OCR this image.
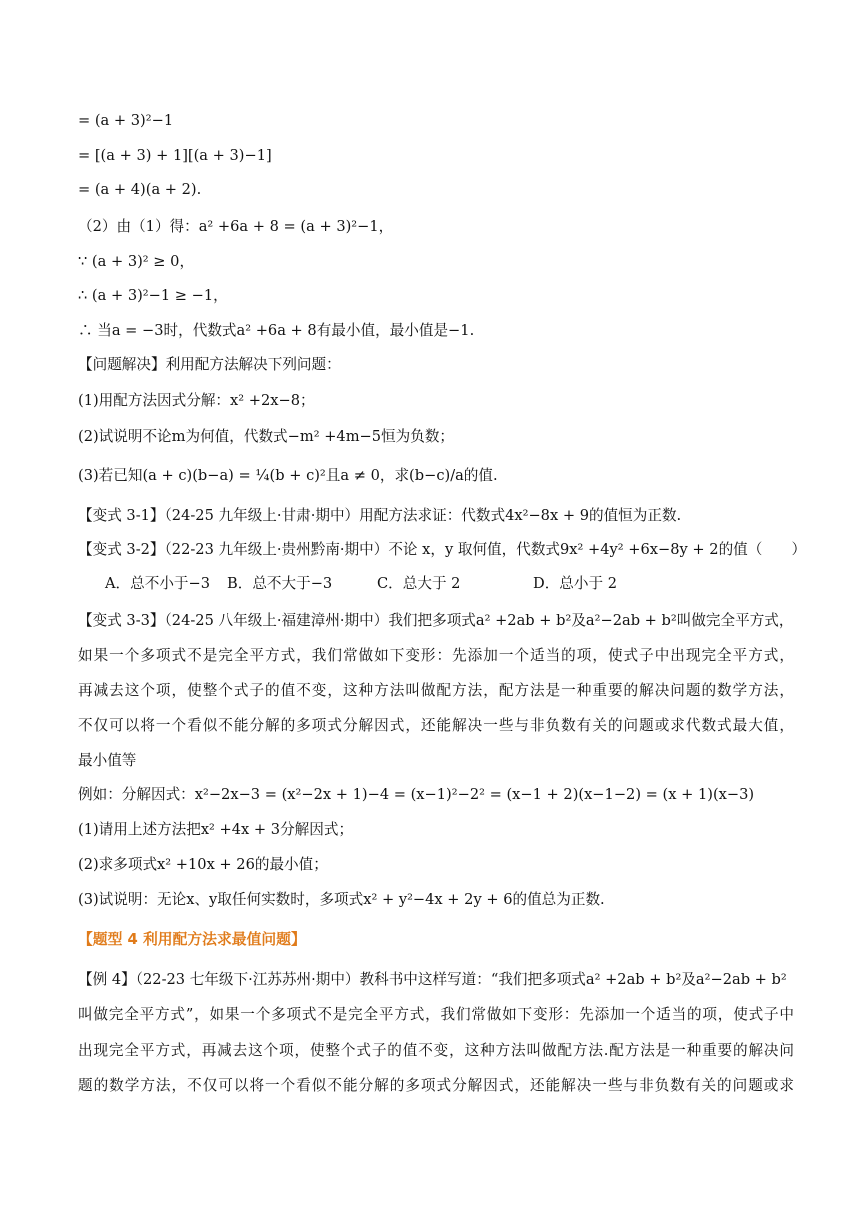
= (a + 3)²−1
= [(a + 3) + 1][(a + 3)−1]
= (a + 4)(a + 2).
（2）由（1）得：a² +6a + 8 = (a + 3)²−1，
∵ (a + 3)² ≥ 0，
∴ (a + 3)²−1 ≥ −1，
∴ 当a = −3时，代数式a² +6a + 8有最小值，最小值是−1.
【问题解决】利用配方法解决下列问题：
(1)用配方法因式分解：x² +2x−8；
(2)试说明不论m为何值，代数式−m² +4m−5恒为负数；
(3)若已知(a + c)(b−a) = ¼(b + c)²且a ≠ 0，求(b−c)/a的值.
【变式 3-1】（24-25 九年级上·甘肃·期中）用配方法求证：代数式4x²−8x + 9的值恒为正数.
【变式 3-2】（22-23 九年级上·贵州黔南·期中）不论 x，y 取何值，代数式9x² +4y² +6x−8y + 2的值（　　）
A．总不小于−3 B．总不大于−3	C．总大于 2	D．总小于 2
【变式 3-3】（24-25 八年级上·福建漳州·期中）我们把多项式a² +2ab + b²及a²−2ab + b²叫做完全平方式，
如果一个多项式不是完全平方式，我们常做如下变形：先添加一个适当的项，使式子中出现完全平方式，
再减去这个项，使整个式子的值不变，这种方法叫做配方法，配方法是一种重要的解决问题的数学方法，
不仅可以将一个看似不能分解的多项式分解因式，还能解决一些与非负数有关的问题或求代数式最大值，
最小值等
例如：分解因式：x²−2x−3 = (x²−2x + 1)−4 = (x−1)²−2² = (x−1 + 2)(x−1−2) = (x + 1)(x−3)
(1)请用上述方法把x² +4x + 3分解因式；
(2)求多项式x² +10x + 26的最小值；
(3)试说明：无论x、y取任何实数时，多项式x² + y²−4x + 2y + 6的值总为正数.
【题型 4 利用配方法求最值问题】
【例 4】（22-23 七年级下·江苏苏州·期中）教科书中这样写道：“我们把多项式a² +2ab + b²及a²−2ab + b²
叫做完全平方式”，如果一个多项式不是完全平方式，我们常做如下变形：先添加一个适当的项，使式子中
出现完全平方式，再减去这个项，使整个式子的值不变，这种方法叫做配方法.配方法是一种重要的解决问
题的数学方法，不仅可以将一个看似不能分解的多项式分解因式，还能解决一些与非负数有关的问题或求
